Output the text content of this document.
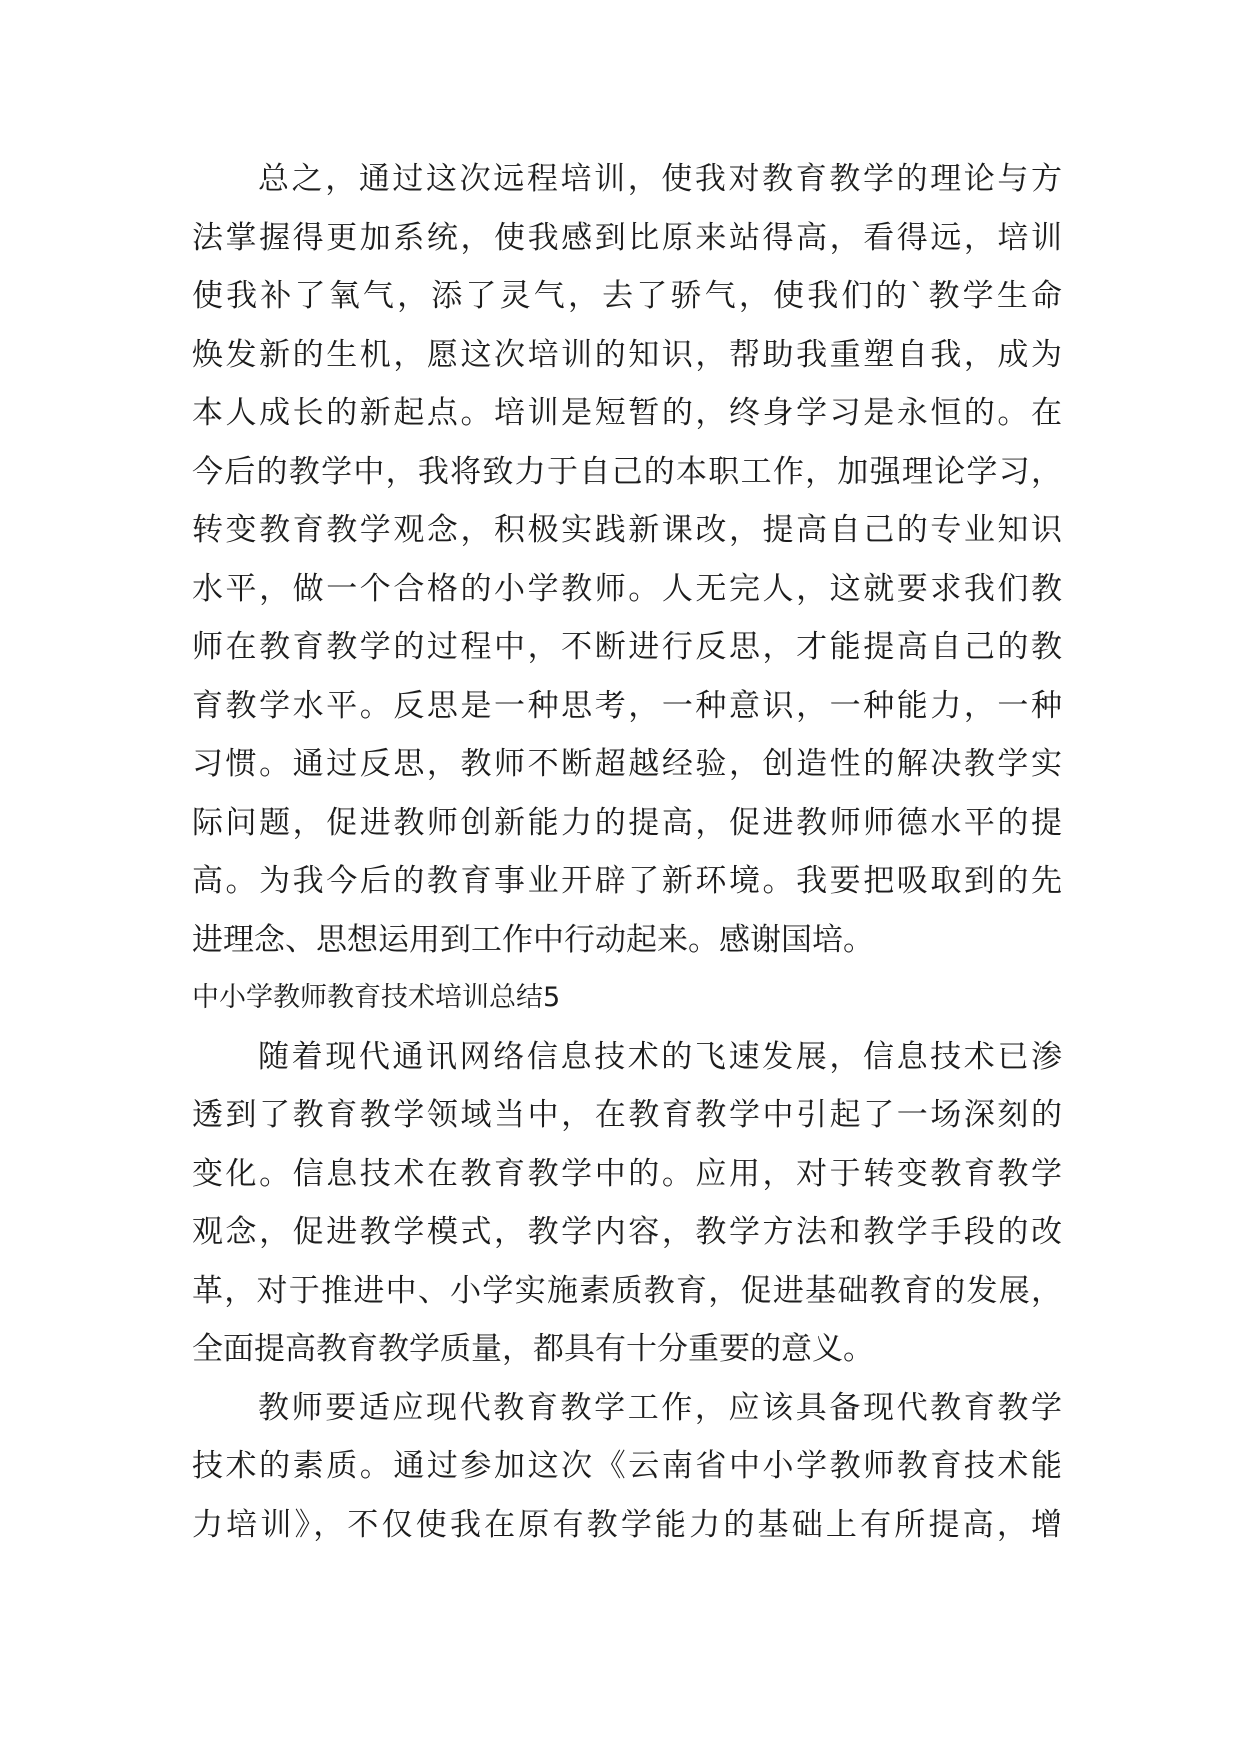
总之，通过这次远程培训，使我对教育教学的理论与方
法掌握得更加系统，使我感到比原来站得高，看得远，培训
使我补了氧气，添了灵气，去了骄气，使我们的`教学生命
焕发新的生机，愿这次培训的知识，帮助我重塑自我，成为
本人成长的新起点。培训是短暂的，终身学习是永恒的。在
今后的教学中，我将致力于自己的本职工作，加强理论学习，
转变教育教学观念，积极实践新课改，提高自己的专业知识
水平，做一个合格的小学教师。人无完人，这就要求我们教
师在教育教学的过程中，不断进行反思，才能提高自己的教
育教学水平。反思是一种思考，一种意识，一种能力，一种
习惯。通过反思，教师不断超越经验，创造性的解决教学实
际问题，促进教师创新能力的提高，促进教师师德水平的提
高。为我今后的教育事业开辟了新环境。我要把吸取到的先
进理念、思想运用到工作中行动起来。感谢国培。
中小学教师教育技术培训总结5
随着现代通讯网络信息技术的飞速发展，信息技术已渗
透到了教育教学领域当中，在教育教学中引起了一场深刻的
变化。信息技术在教育教学中的。应用，对于转变教育教学
观念，促进教学模式，教学内容，教学方法和教学手段的改
革，对于推进中、小学实施素质教育，促进基础教育的发展，
全面提高教育教学质量，都具有十分重要的意义。
教师要适应现代教育教学工作，应该具备现代教育教学
技术的素质。通过参加这次《云南省中小学教师教育技术能
力培训》，不仅使我在原有教学能力的基础上有所提高，增
